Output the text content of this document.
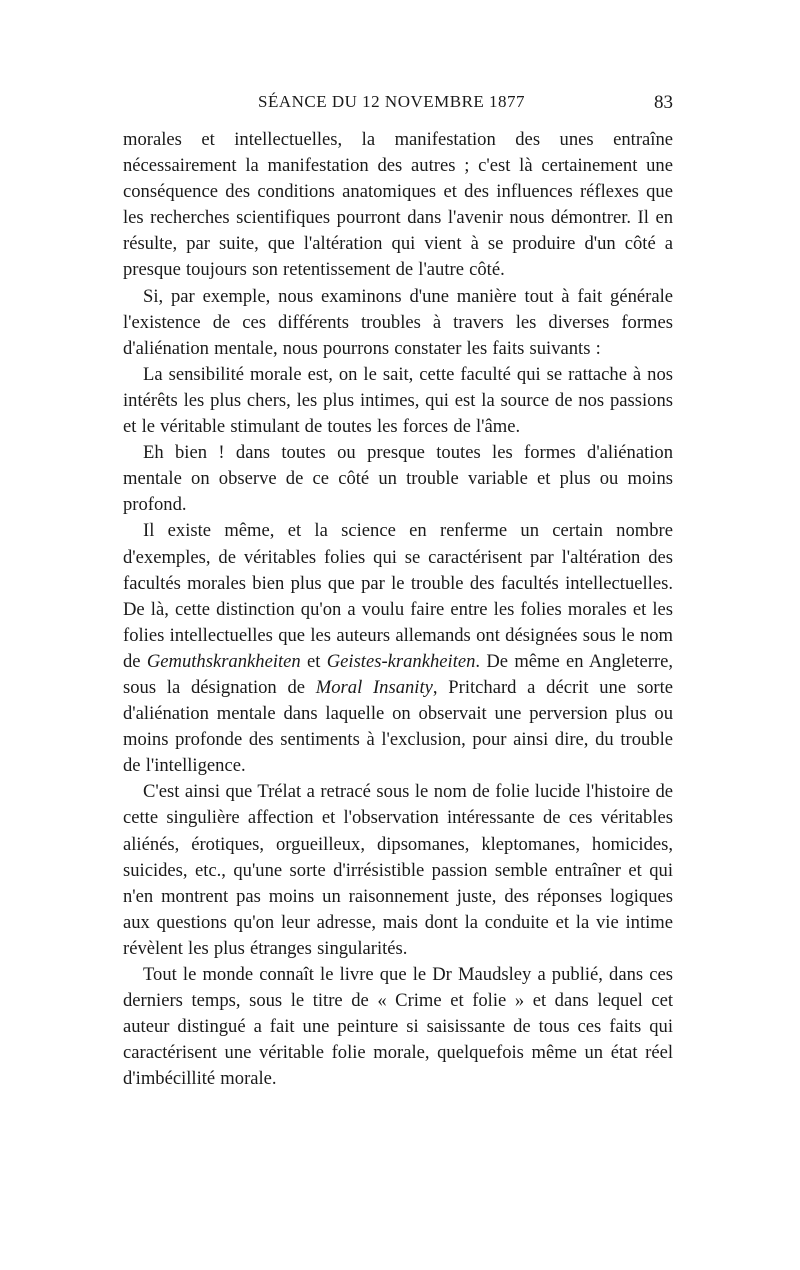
SÉANCE DU 12 NOVEMBRE 1877	83

morales et intellectuelles, la manifestation des unes entraîne nécessairement la manifestation des autres ; c'est là certainement une conséquence des conditions anatomiques et des influences réflexes que les recherches scientifiques pourront dans l'avenir nous démontrer. Il en résulte, par suite, que l'altération qui vient à se produire d'un côté a presque toujours son retentissement de l'autre côté.

Si, par exemple, nous examinons d'une manière tout à fait générale l'existence de ces différents troubles à travers les diverses formes d'aliénation mentale, nous pourrons constater les faits suivants :

La sensibilité morale est, on le sait, cette faculté qui se rattache à nos intérêts les plus chers, les plus intimes, qui est la source de nos passions et le véritable stimulant de toutes les forces de l'âme.

Eh bien ! dans toutes ou presque toutes les formes d'aliénation mentale on observe de ce côté un trouble variable et plus ou moins profond.

Il existe même, et la science en renferme un certain nombre d'exemples, de véritables folies qui se caractérisent par l'altération des facultés morales bien plus que par le trouble des facultés intellectuelles. De là, cette distinction qu'on a voulu faire entre les folies morales et les folies intellectuelles que les auteurs allemands ont désignées sous le nom de Gemuthskrankheiten et Geistes-krankheiten. De même en Angleterre, sous la désignation de Moral Insanity, Pritchard a décrit une sorte d'aliénation mentale dans laquelle on observait une perversion plus ou moins profonde des sentiments à l'exclusion, pour ainsi dire, du trouble de l'intelligence.

C'est ainsi que Trélat a retracé sous le nom de folie lucide l'histoire de cette singulière affection et l'observation intéressante de ces véritables aliénés, érotiques, orgueilleux, dipsomanes, kleptomanes, homicides, suicides, etc., qu'une sorte d'irrésistible passion semble entraîner et qui n'en montrent pas moins un raisonnement juste, des réponses logiques aux questions qu'on leur adresse, mais dont la conduite et la vie intime révèlent les plus étranges singularités.

Tout le monde connaît le livre que le Dr Maudsley a publié, dans ces derniers temps, sous le titre de « Crime et folie » et dans lequel cet auteur distingué a fait une peinture si saisissante de tous ces faits qui caractérisent une véritable folie morale, quelquefois même un état réel d'imbécillité morale.
